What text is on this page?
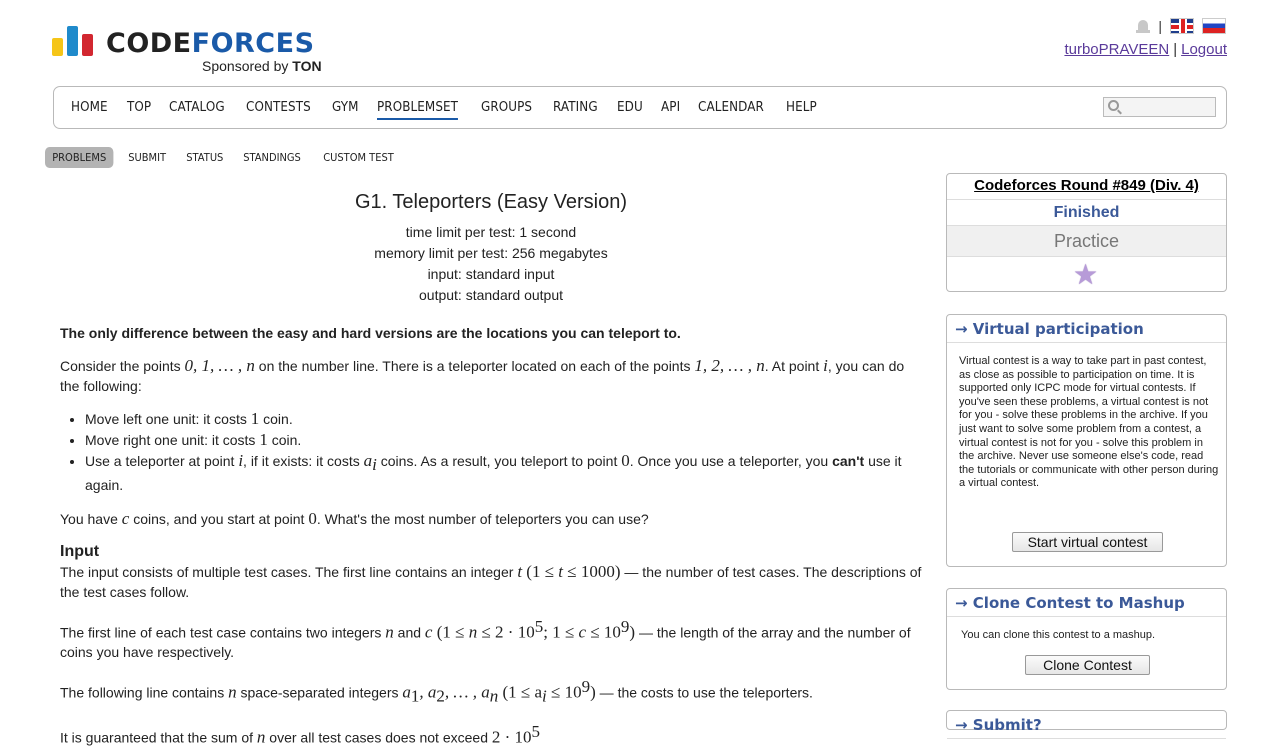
CODEFORCES
Sponsored by TON
|
turboPRAVEEN | Logout
HOME TOP CATALOG CONTESTS GYM PROBLEMSET GROUPS RATING EDU API CALENDAR HELP
PROBLEMS	SUBMIT	STATUS	STANDINGS	CUSTOM TEST
G1. Teleporters (Easy Version)
time limit per test: 1 second
memory limit per test: 256 megabytes
input: standard input
output: standard output

The only difference between the easy and hard versions are the locations you can teleport to.

Consider the points 0, 1, … , n on the number line. There is a teleporter located on each of the points 1, 2, … , n. At point i, you can do the following:

• Move left one unit: it costs 1 coin.
• Move right one unit: it costs 1 coin.
• Use a teleporter at point i, if it exists: it costs $a_i$ coins. As a result, you teleport to point 0. Once you use a teleporter, you can't use it again.

You have c coins, and you start at point 0. What's the most number of teleporters you can use?

Input

The input consists of multiple test cases. The first line contains an integer t (1 ≤ t ≤ 1000) — the number of test cases. The descriptions of the test cases follow.

The first line of each test case contains two integers n and c ($1 \le n \le 2 \cdot 10^5$; $1 \le c \le 10^9$) — the length of the array and the number of coins you have respectively.

The following line contains n space-separated integers $a_1$, $a_2$, … , $a_n$ $(1 \le a_i \le 10^9)$ — the costs to use the teleporters.

It is guaranteed that the sum of n over all test cases does not exceed $2 \cdot 10^5$

Codeforces Round #849 (Div. 4)
Finished
Practice
★
→ Virtual participation
Virtual contest is a way to take part in past contest, as close as possible to participation on time. It is supported only ICPC mode for virtual contests. If you've seen these problems, a virtual contest is not for you - solve these problems in the archive. If you just want to solve some problem from a contest, a virtual contest is not for you - solve this problem in the archive. Never use someone else's code, read the tutorials or communicate with other person during a virtual contest.
Start virtual contest
→ Clone Contest to Mashup
You can clone this contest to a mashup.
Clone Contest
→ Submit?
